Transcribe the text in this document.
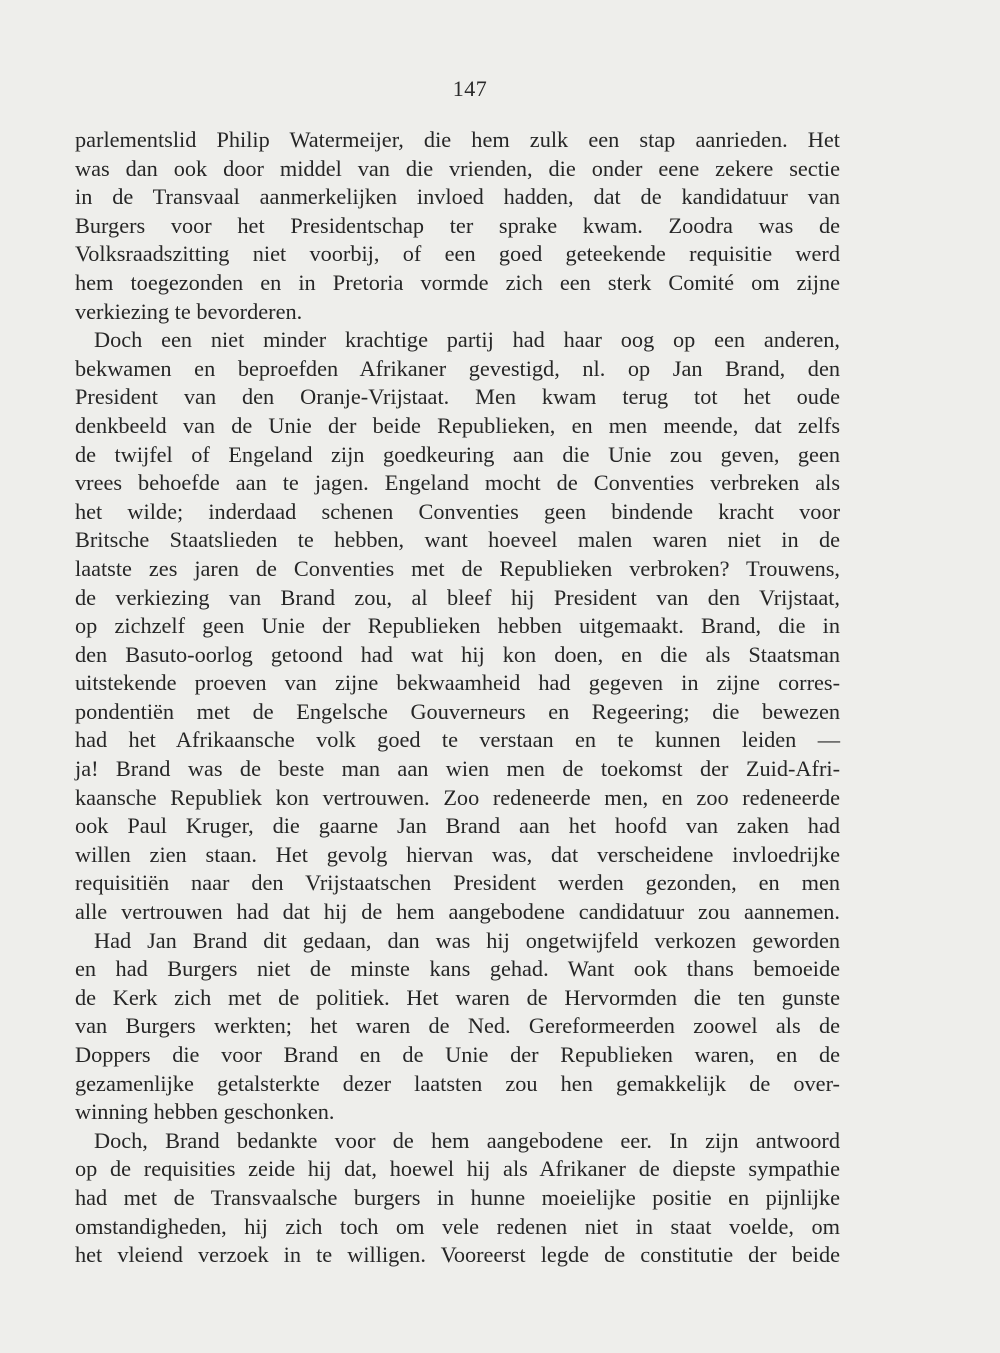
147
parlementslid Philip Watermeijer, die hem zulk een stap aanrieden. Het
was dan ook door middel van die vrienden, die onder eene zekere sectie
in de Transvaal aanmerkelijken invloed hadden, dat de kandidatuur van
Burgers voor het Presidentschap ter sprake kwam. Zoodra was de
Volksraadszitting niet voorbij, of een goed geteekende requisitie werd
hem toegezonden en in Pretoria vormde zich een sterk Comité om zijne
verkiezing te bevorderen.
Doch een niet minder krachtige partij had haar oog op een anderen,
bekwamen en beproefden Afrikaner gevestigd, nl. op Jan Brand, den
President van den Oranje-Vrijstaat. Men kwam terug tot het oude
denkbeeld van de Unie der beide Republieken, en men meende, dat zelfs
de twijfel of Engeland zijn goedkeuring aan die Unie zou geven, geen
vrees behoefde aan te jagen. Engeland mocht de Conventies verbreken als
het wilde; inderdaad schenen Conventies geen bindende kracht voor
Britsche Staatslieden te hebben, want hoeveel malen waren niet in de
laatste zes jaren de Conventies met de Republieken verbroken? Trouwens,
de verkiezing van Brand zou, al bleef hij President van den Vrijstaat,
op zichzelf geen Unie der Republieken hebben uitgemaakt. Brand, die in
den Basuto-oorlog getoond had wat hij kon doen, en die als Staatsman
uitstekende proeven van zijne bekwaamheid had gegeven in zijne corres-
pondentiën met de Engelsche Gouverneurs en Regeering; die bewezen
had het Afrikaansche volk goed te verstaan en te kunnen leiden —
ja! Brand was de beste man aan wien men de toekomst der Zuid-Afri-
kaansche Republiek kon vertrouwen. Zoo redeneerde men, en zoo redeneerde
ook Paul Kruger, die gaarne Jan Brand aan het hoofd van zaken had
willen zien staan. Het gevolg hiervan was, dat verscheidene invloedrijke
requisitiën naar den Vrijstaatschen President werden gezonden, en men
alle vertrouwen had dat hij de hem aangebodene candidatuur zou aannemen.
Had Jan Brand dit gedaan, dan was hij ongetwijfeld verkozen geworden
en had Burgers niet de minste kans gehad. Want ook thans bemoeide
de Kerk zich met de politiek. Het waren de Hervormden die ten gunste
van Burgers werkten; het waren de Ned. Gereformeerden zoowel als de
Doppers die voor Brand en de Unie der Republieken waren, en de
gezamenlijke getalsterkte dezer laatsten zou hen gemakkelijk de over-
winning hebben geschonken.
Doch, Brand bedankte voor de hem aangebodene eer. In zijn antwoord
op de requisities zeide hij dat, hoewel hij als Afrikaner de diepste sympathie
had met de Transvaalsche burgers in hunne moeielijke positie en pijnlijke
omstandigheden, hij zich toch om vele redenen niet in staat voelde, om
het vleiend verzoek in te willigen. Vooreerst legde de constitutie der beide
